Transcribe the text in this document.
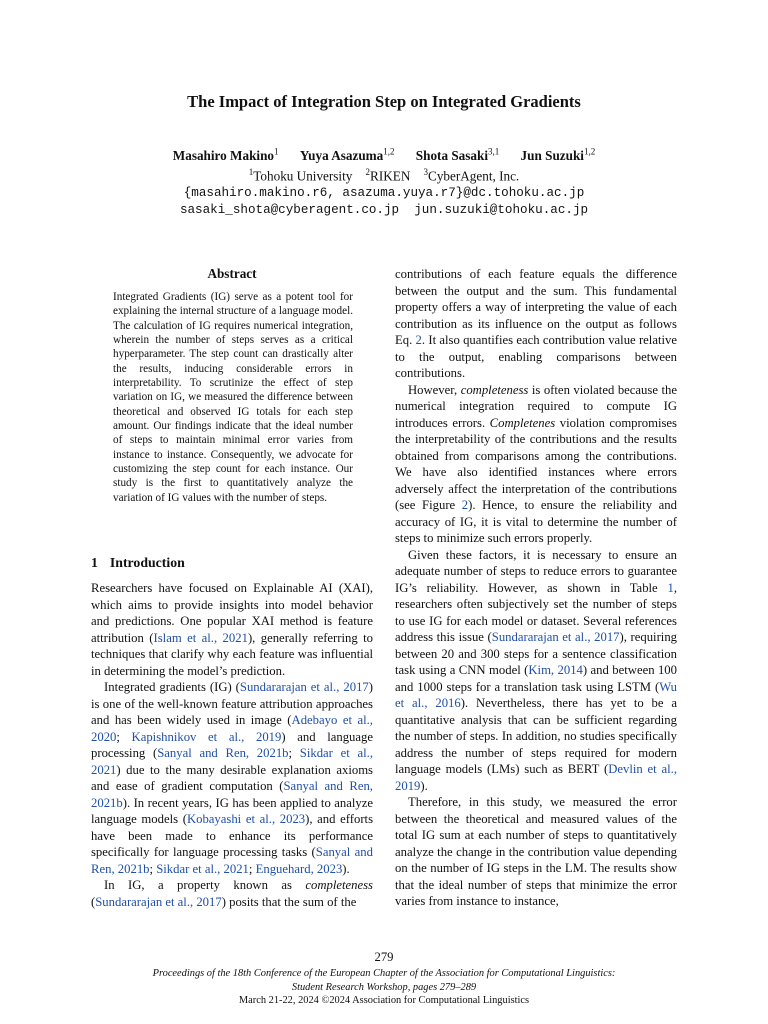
The Impact of Integration Step on Integrated Gradients
Masahiro Makino$^1$ Yuya Asazuma$^{1,2}$ Shota Sasaki$^{3,1}$ Jun Suzuki$^{1,2}$
$^1$Tohoku University $^2$RIKEN $^3$CyberAgent, Inc.
{masahiro.makino.r6, asazuma.yuya.r7}@dc.tohoku.ac.jp
sasaki_shota@cyberagent.co.jp jun.suzuki@tohoku.ac.jp
Abstract
Integrated Gradients (IG) serve as a potent tool for explaining the internal structure of a language model. The calculation of IG requires numerical integration, wherein the number of steps serves as a critical hyperparameter. The step count can drastically alter the results, inducing considerable errors in interpretability. To scrutinize the effect of step variation on IG, we measured the difference between theoretical and observed IG totals for each step amount. Our findings indicate that the ideal number of steps to maintain minimal error varies from instance to instance. Consequently, we advocate for customizing the step count for each instance. Our study is the first to quantitatively analyze the variation of IG values with the number of steps.
1 Introduction

Researchers have focused on Explainable AI (XAI), which aims to provide insights into model behavior and predictions. One popular XAI method is feature attribution (Islam et al., 2021), generally referring to techniques that clarify why each feature was influential in determining the model’s prediction.

Integrated gradients (IG) (Sundararajan et al., 2017) is one of the well-known feature attribution approaches and has been widely used in image (Adebayo et al., 2020; Kapishnikov et al., 2019) and language processing (Sanyal and Ren, 2021b; Sikdar et al., 2021) due to the many desirable explanation axioms and ease of gradient computation (Sanyal and Ren, 2021b). In recent years, IG has been applied to analyze language models (Kobayashi et al., 2023), and efforts have been made to enhance its performance specifically for language processing tasks (Sanyal and Ren, 2021b; Sikdar et al., 2021; Enguehard, 2023).

In IG, a property known as completeness (Sundararajan et al., 2017) posits that the sum of the

contributions of each feature equals the difference between the output and the sum. This fundamental property offers a way of interpreting the value of each contribution as its influence on the output as follows Eq. 2. It also quantifies each contribution value relative to the output, enabling comparisons between contributions.

However, completeness is often violated because the numerical integration required to compute IG introduces errors. Completenes violation compromises the interpretability of the contributions and the results obtained from comparisons among the contributions. We have also identified instances where errors adversely affect the interpretation of the contributions (see Figure 2). Hence, to ensure the reliability and accuracy of IG, it is vital to determine the number of steps to minimize such errors properly.

Given these factors, it is necessary to ensure an adequate number of steps to reduce errors to guarantee IG’s reliability. However, as shown in Table 1, researchers often subjectively set the number of steps to use IG for each model or dataset. Several references address this issue (Sundararajan et al., 2017), requiring between 20 and 300 steps for a sentence classification task using a CNN model (Kim, 2014) and between 100 and 1000 steps for a translation task using LSTM (Wu et al., 2016). Nevertheless, there has yet to be a quantitative analysis that can be sufficient regarding the number of steps. In addition, no studies specifically address the number of steps required for modern language models (LMs) such as BERT (Devlin et al., 2019).

Therefore, in this study, we measured the error between the theoretical and measured values of the total IG sum at each number of steps to quantitatively analyze the change in the contribution value depending on the number of IG steps in the LM. The results show that the ideal number of steps that minimize the error varies from instance to instance,

279
Proceedings of the 18th Conference of the European Chapter of the Association for Computational Linguistics:
Student Research Workshop, pages 279–289
March 21-22, 2024 ©2024 Association for Computational Linguistics
